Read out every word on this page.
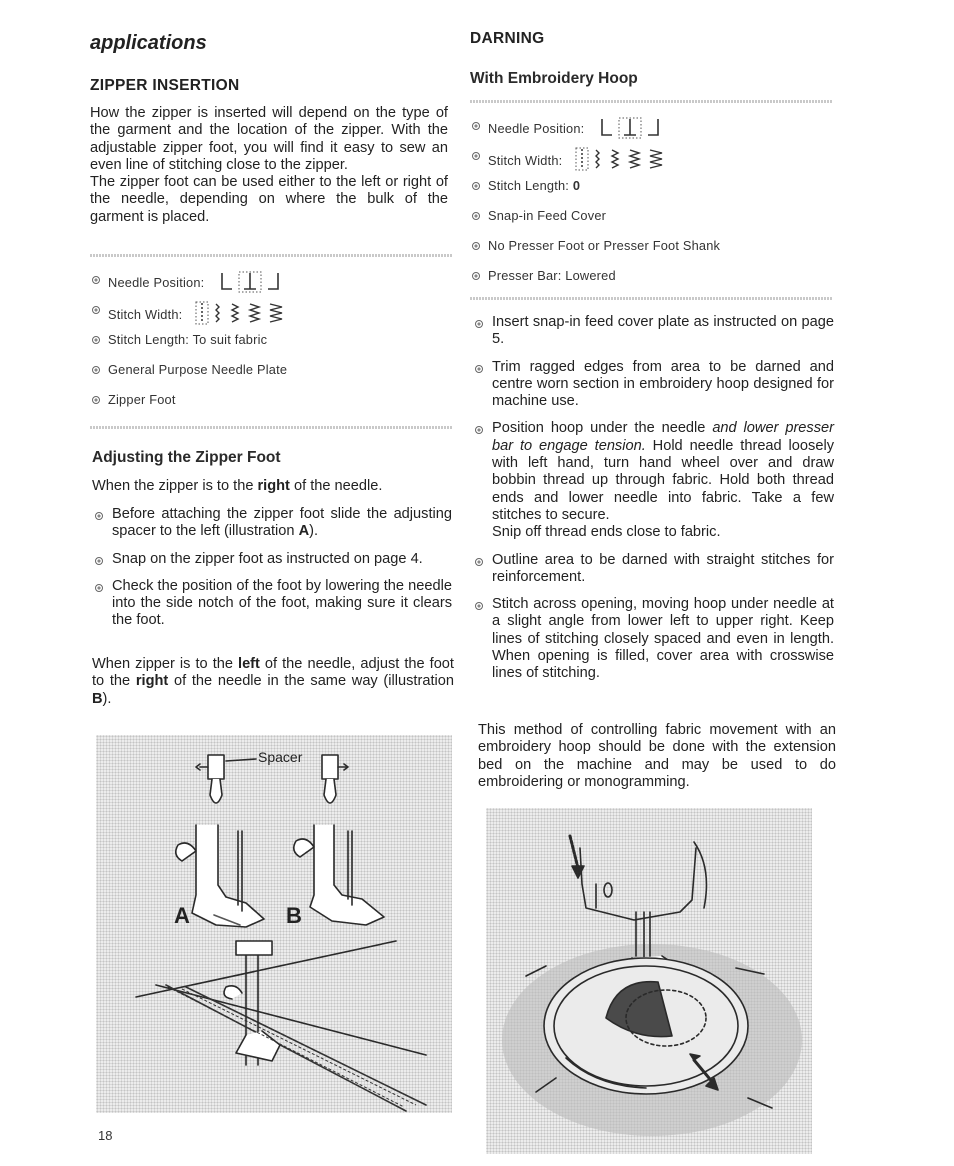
applications
ZIPPER INSERTION

How the zipper is inserted will depend on the type of the garment and the location of the zipper. With the adjustable zipper foot, you will find it easy to sew an even line of stitching close to the zipper.

The zipper foot can be used either to the left or right of the needle, depending on where the bulk of the garment is placed.

Needle Position:
Stitch Width:
Stitch Length: To suit fabric
General Purpose Needle Plate
Zipper Foot
Adjusting the Zipper Foot
When the zipper is to the right of the needle.
Before attaching the zipper foot slide the adjusting spacer to the left (illustration A).
Snap on the zipper foot as instructed on page 4.
Check the position of the foot by lowering the needle into the side notch of the foot, making sure it clears the foot.
When zipper is to the left of the needle, adjust the foot to the right of the needle in the same way (illustration B).
Spacer
A	B
18
DARNING
With Embroidery Hoop
Needle Position:
Stitch Width:
Stitch Length: 0
Snap-in Feed Cover
No Presser Foot or Presser Foot Shank
Presser Bar: Lowered
Insert snap-in feed cover plate as instructed on page 5.
Trim ragged edges from area to be darned and centre worn section in embroidery hoop designed for machine use.
Position hoop under the needle and lower presser bar to engage tension. Hold needle thread loosely with left hand, turn hand wheel over and draw bobbin thread up through fabric. Hold both thread ends and lower needle into fabric. Take a few stitches to secure.
Snip off thread ends close to fabric.
Outline area to be darned with straight stitches for reinforcement.
Stitch across opening, moving hoop under needle at a slight angle from lower left to upper right. Keep lines of stitching closely spaced and even in length. When opening is filled, cover area with crosswise lines of stitching.
This method of controlling fabric movement with an embroidery hoop should be done with the extension bed on the machine and may be used to do embroidering or monogramming.
